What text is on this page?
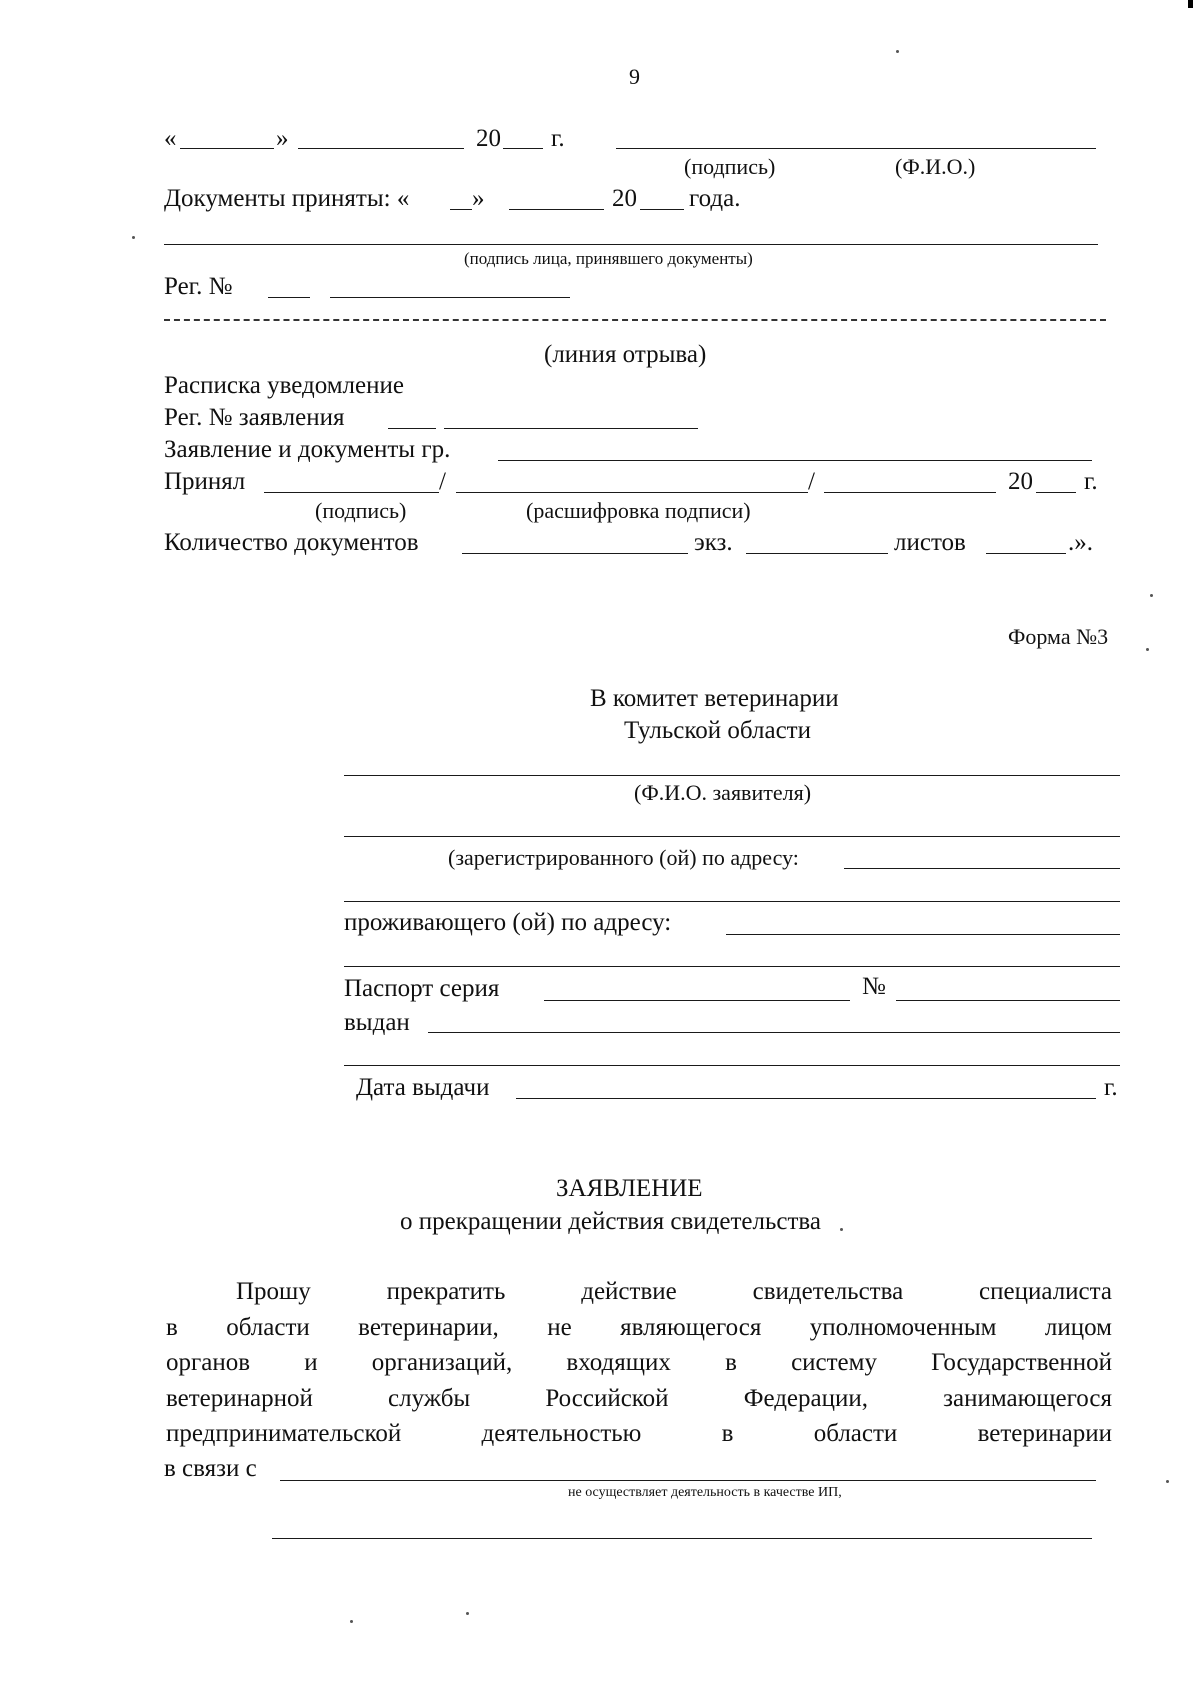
9
«	»	20 г.
(подпись)	(Ф.И.О.)
Документы приняты: «	»	20 года.
(подпись лица, принявшего документы)
Рег. №
(линия отрыва)
Расписка уведомление
Рег. № заявления
Заявление и документы гр.
Принял	/	/	20 г.
(подпись)	(расшифровка подписи)
Количество документов	экз.	листов	.».
Форма №3
В комитет ветеринарии
Тульской области
(Ф.И.О. заявителя)
(зарегистрированного (ой) по адресу:
проживающего (ой) по адресу:
Паспорт серия	№
выдан
Дата выдачи	г.
ЗАЯВЛЕНИЕ
о прекращении действия свидетельства
Прошу	прекратить	действие	свидетельства	специалиста
в области ветеринарии, не являющегося уполномоченным лицом
органов и организаций, входящих в систему Государственной
ветеринарной	службы	Российской	Федерации,	занимающегося
предпринимательской	деятельностью	в	области	ветеринарии
в связи с
не осуществляет деятельность в качестве ИП,
